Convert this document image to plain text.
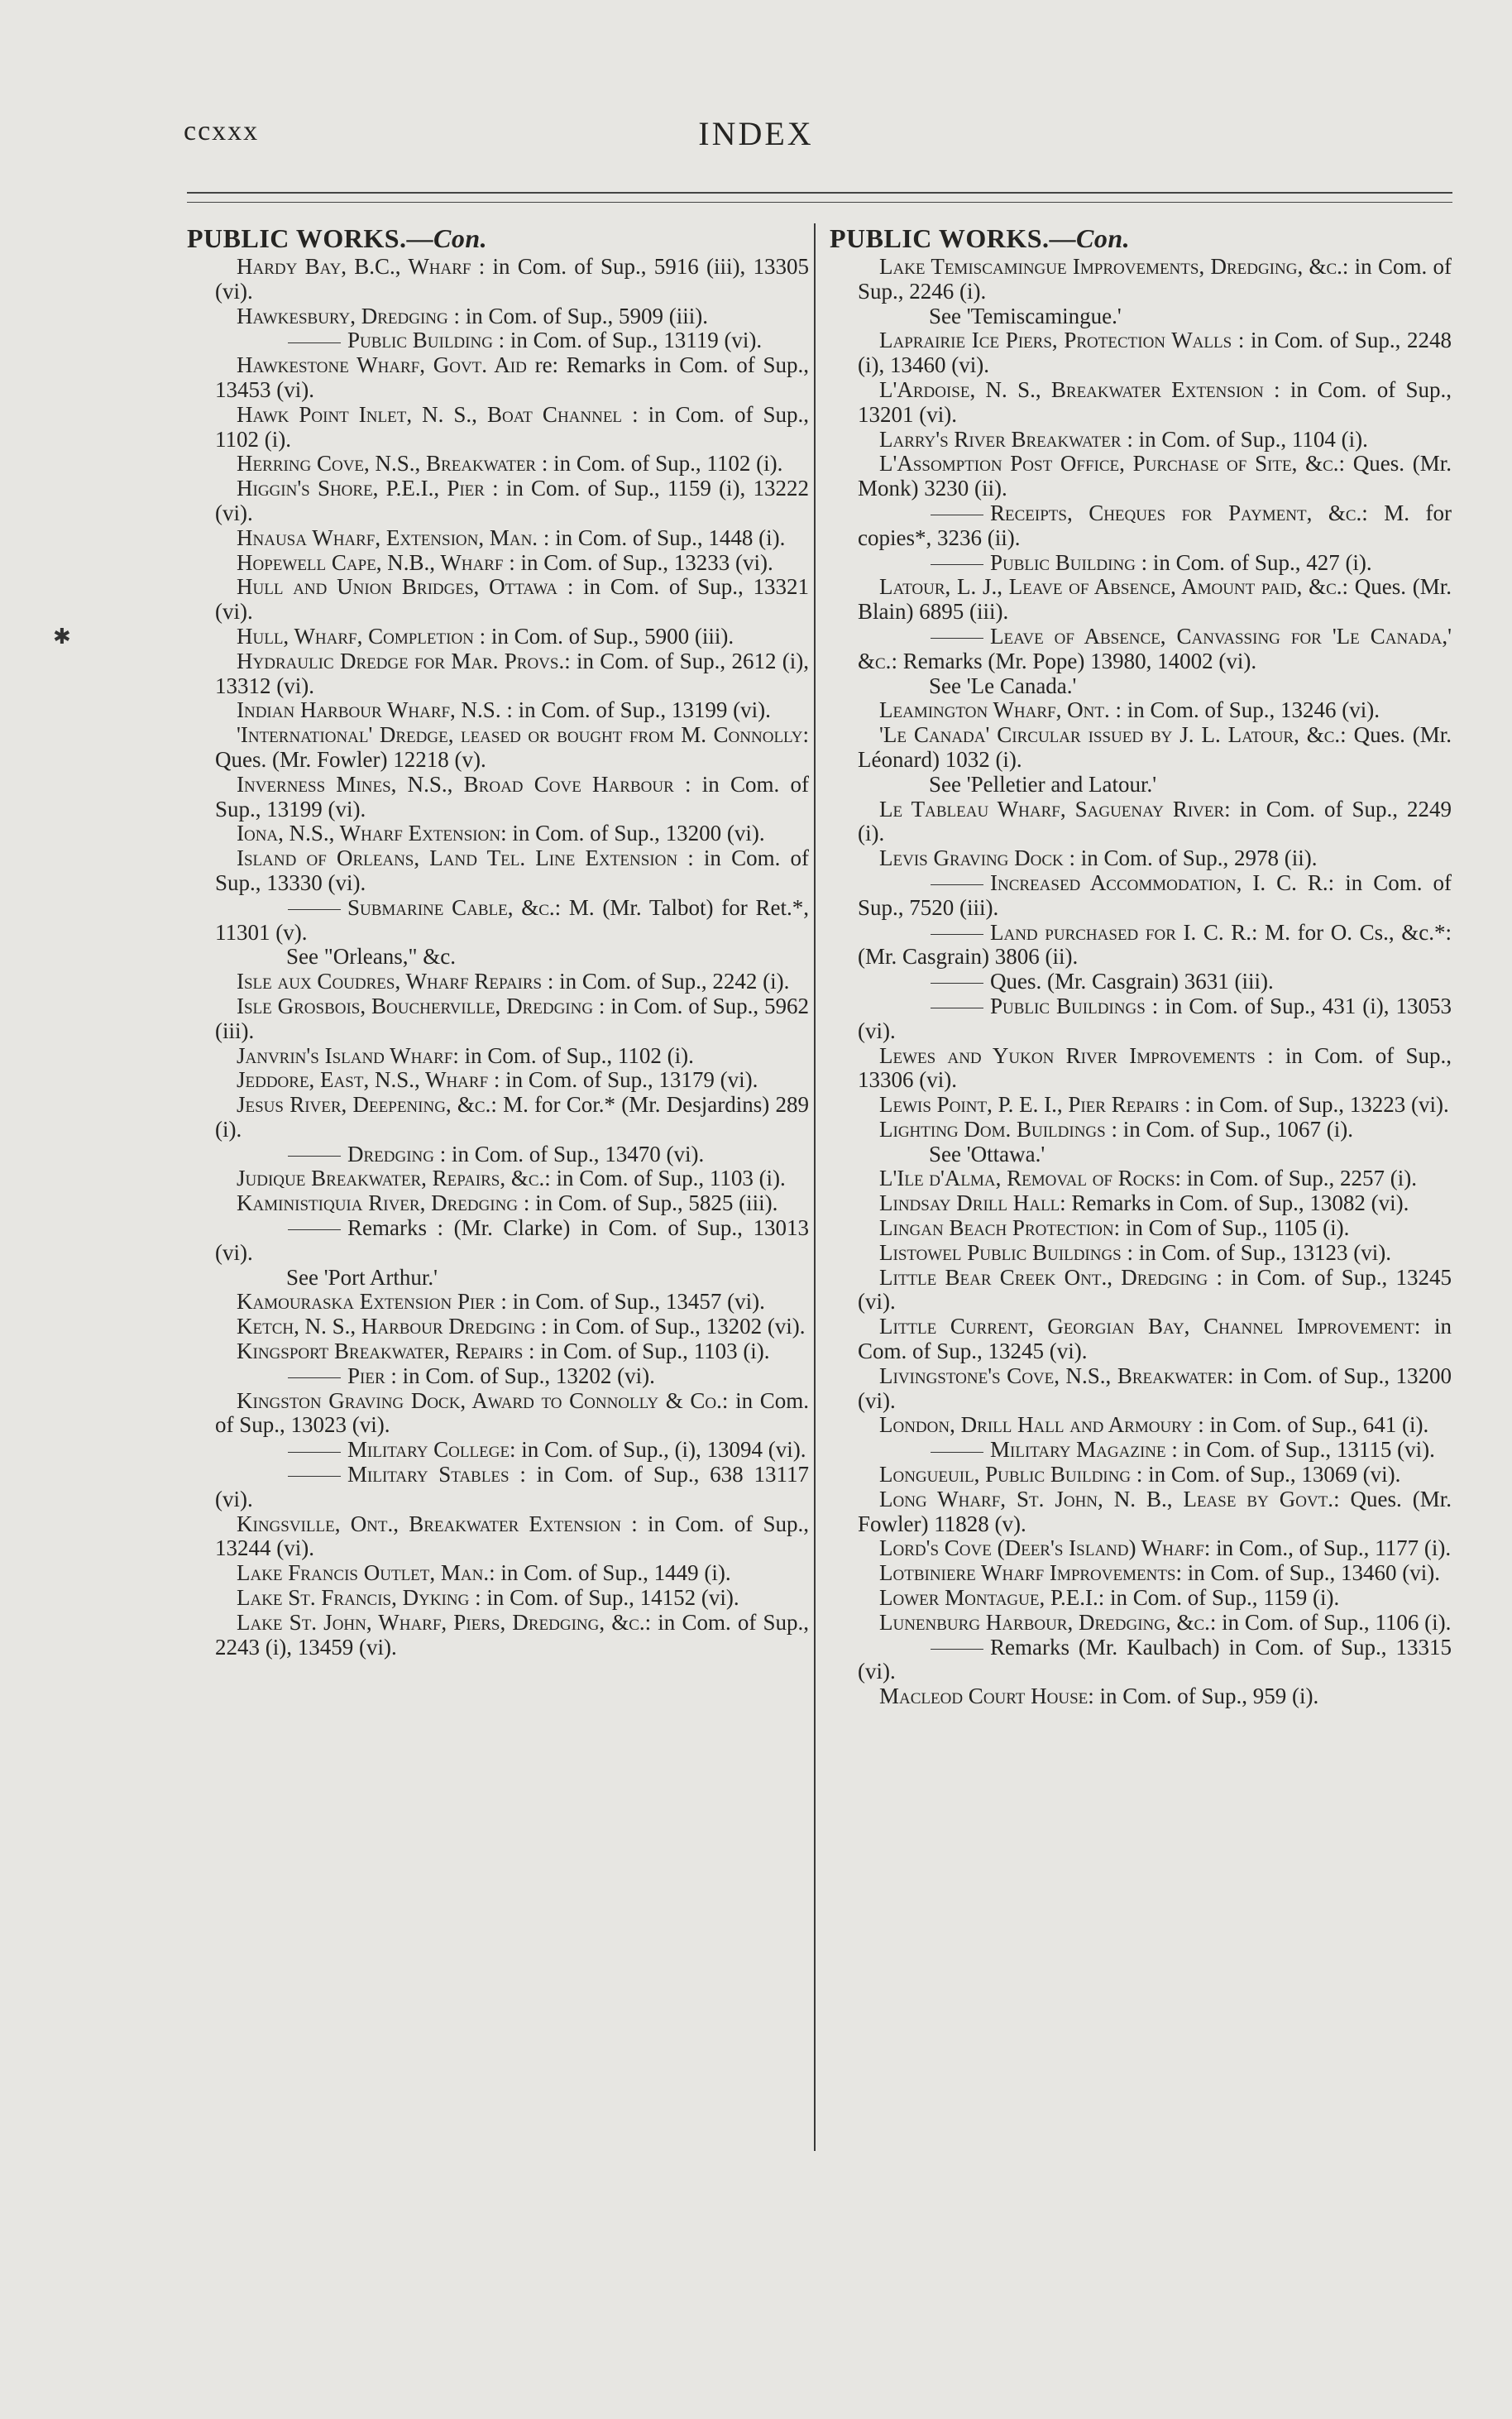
ccxxx	INDEX
✱
PUBLIC WORKS.—Con.
Hardy Bay, B.C., Wharf : in Com. of Sup., 5916 (iii), 13305 (vi).
Hawkesbury, Dredging : in Com. of Sup., 5909 (iii).
Public Building : in Com. of Sup., 13119 (vi).
Hawkestone Wharf, Govt. Aid re: Remarks in Com. of Sup., 13453 (vi).
Hawk Point Inlet, N. S., Boat Channel : in Com. of Sup., 1102 (i).
Herring Cove, N.S., Breakwater : in Com. of Sup., 1102 (i).
Higgin's Shore, P.E.I., Pier : in Com. of Sup., 1159 (i), 13222 (vi).
Hnausa Wharf, Extension, Man. : in Com. of Sup., 1448 (i).
Hopewell Cape, N.B., Wharf : in Com. of Sup., 13233 (vi).
Hull and Union Bridges, Ottawa : in Com. of Sup., 13321 (vi).
Hull, Wharf, Completion : in Com. of Sup., 5900 (iii).
Hydraulic Dredge for Mar. Provs.: in Com. of Sup., 2612 (i), 13312 (vi).
Indian Harbour Wharf, N.S. : in Com. of Sup., 13199 (vi).
'International' Dredge, leased or bought from M. Connolly: Ques. (Mr. Fowler) 12218 (v).
Inverness Mines, N.S., Broad Cove Harbour : in Com. of Sup., 13199 (vi).
Iona, N.S., Wharf Extension: in Com. of Sup., 13200 (vi).
Island of Orleans, Land Tel. Line Extension : in Com. of Sup., 13330 (vi).
Submarine Cable, &c.: M. (Mr. Talbot) for Ret.*, 11301 (v).
See "Orleans," &c.
Isle aux Coudres, Wharf Repairs : in Com. of Sup., 2242 (i).
Isle Grosbois, Boucherville, Dredging : in Com. of Sup., 5962 (iii).
Janvrin's Island Wharf: in Com. of Sup., 1102 (i).
Jeddore, East, N.S., Wharf : in Com. of Sup., 13179 (vi).
Jesus River, Deepening, &c.: M. for Cor.* (Mr. Desjardins) 289 (i).
Dredging : in Com. of Sup., 13470 (vi).
Judique Breakwater, Repairs, &c.: in Com. of Sup., 1103 (i).
Kaministiquia River, Dredging : in Com. of Sup., 5825 (iii).
Remarks : (Mr. Clarke) in Com. of Sup., 13013 (vi).
See 'Port Arthur.'
Kamouraska Extension Pier : in Com. of Sup., 13457 (vi).
Ketch, N. S., Harbour Dredging : in Com. of Sup., 13202 (vi).
Kingsport Breakwater, Repairs : in Com. of Sup., 1103 (i).
Pier : in Com. of Sup., 13202 (vi).
Kingston Graving Dock, Award to Connolly & Co.: in Com. of Sup., 13023 (vi).
Military College: in Com. of Sup., (i), 13094 (vi).
Military Stables : in Com. of Sup., 638 13117 (vi).
Kingsville, Ont., Breakwater Extension : in Com. of Sup., 13244 (vi).
Lake Francis Outlet, Man.: in Com. of Sup., 1449 (i).
Lake St. Francis, Dyking : in Com. of Sup., 14152 (vi).
Lake St. John, Wharf, Piers, Dredging, &c.: in Com. of Sup., 2243 (i), 13459 (vi).
PUBLIC WORKS.—Con.
Lake Temiscamingue Improvements, Dredging, &c.: in Com. of Sup., 2246 (i).
See 'Temiscamingue.'
Laprairie Ice Piers, Protection Walls : in Com. of Sup., 2248 (i), 13460 (vi).
L'Ardoise, N. S., Breakwater Extension : in Com. of Sup., 13201 (vi).
Larry's River Breakwater : in Com. of Sup., 1104 (i).
L'Assomption Post Office, Purchase of Site, &c.: Ques. (Mr. Monk) 3230 (ii).
Receipts, Cheques for Payment, &c.: M. for copies*, 3236 (ii).
Public Building : in Com. of Sup., 427 (i).
Latour, L. J., Leave of Absence, Amount paid, &c.: Ques. (Mr. Blain) 6895 (iii).
Leave of Absence, Canvassing for 'Le Canada,' &c.: Remarks (Mr. Pope) 13980, 14002 (vi).
See 'Le Canada.'
Leamington Wharf, Ont. : in Com. of Sup., 13246 (vi).
'Le Canada' Circular issued by J. L. Latour, &c.: Ques. (Mr. Léonard) 1032 (i).
See 'Pelletier and Latour.'
Le Tableau Wharf, Saguenay River: in Com. of Sup., 2249 (i).
Levis Graving Dock : in Com. of Sup., 2978 (ii).
Increased Accommodation, I. C. R.: in Com. of Sup., 7520 (iii).
Land purchased for I. C. R.: M. for O. Cs., &c.*: (Mr. Casgrain) 3806 (ii).
Ques. (Mr. Casgrain) 3631 (iii).
Public Buildings : in Com. of Sup., 431 (i), 13053 (vi).
Lewes and Yukon River Improvements : in Com. of Sup., 13306 (vi).
Lewis Point, P. E. I., Pier Repairs : in Com. of Sup., 13223 (vi).
Lighting Dom. Buildings : in Com. of Sup., 1067 (i).
See 'Ottawa.'
L'Ile d'Alma, Removal of Rocks: in Com. of Sup., 2257 (i).
Lindsay Drill Hall: Remarks in Com. of Sup., 13082 (vi).
Lingan Beach Protection: in Com of Sup., 1105 (i).
Listowel Public Buildings : in Com. of Sup., 13123 (vi).
Little Bear Creek Ont., Dredging : in Com. of Sup., 13245 (vi).
Little Current, Georgian Bay, Channel Improvement: in Com. of Sup., 13245 (vi).
Livingstone's Cove, N.S., Breakwater: in Com. of Sup., 13200 (vi).
London, Drill Hall and Armoury : in Com. of Sup., 641 (i).
Military Magazine : in Com. of Sup., 13115 (vi).
Longueuil, Public Building : in Com. of Sup., 13069 (vi).
Long Wharf, St. John, N. B., Lease by Govt.: Ques. (Mr. Fowler) 11828 (v).
Lord's Cove (Deer's Island) Wharf: in Com., of Sup., 1177 (i).
Lotbiniere Wharf Improvements: in Com. of Sup., 13460 (vi).
Lower Montague, P.E.I.: in Com. of Sup., 1159 (i).
Lunenburg Harbour, Dredging, &c.: in Com. of Sup., 1106 (i).
Remarks (Mr. Kaulbach) in Com. of Sup., 13315 (vi).
Macleod Court House: in Com. of Sup., 959 (i).
